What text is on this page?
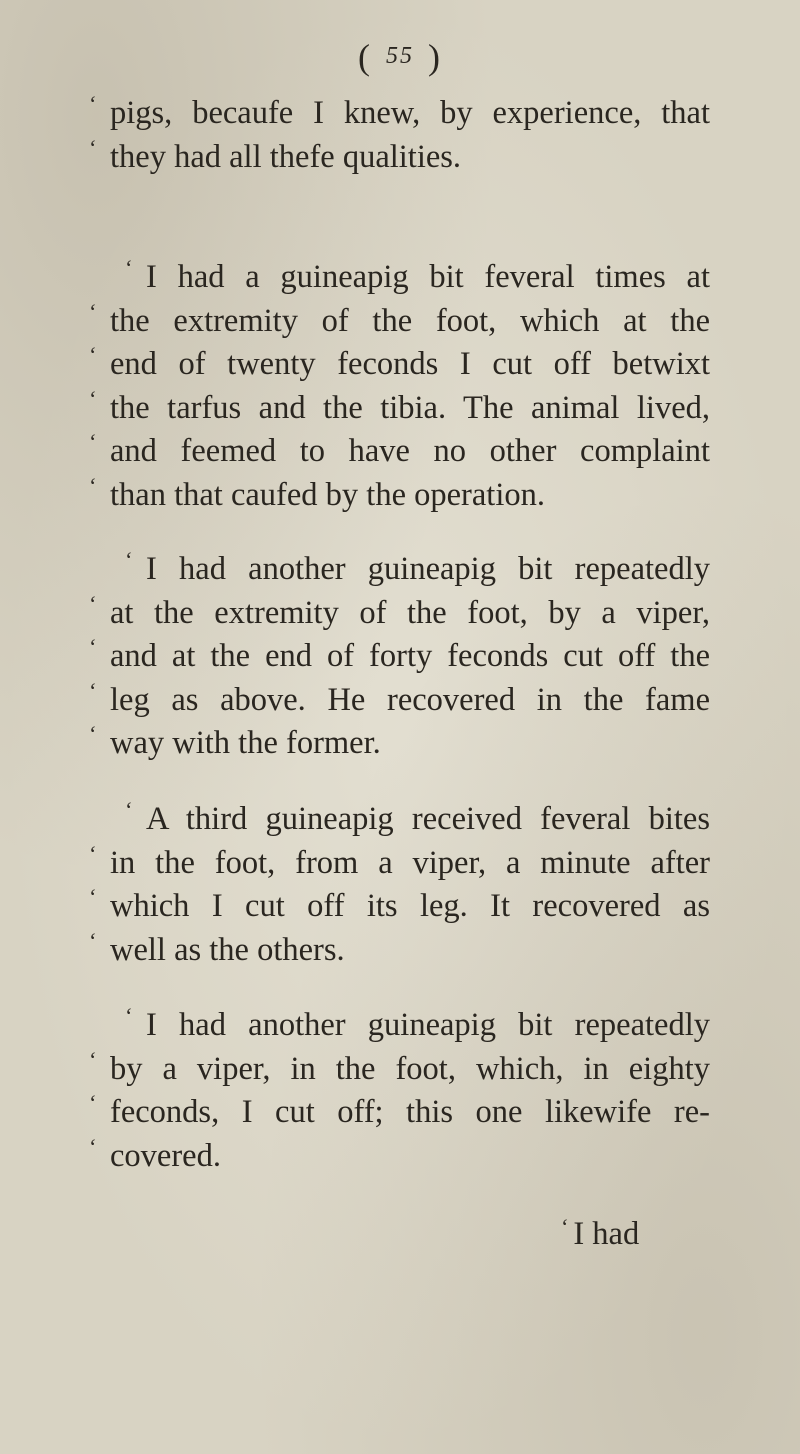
( 55 )
‘ pigs, becaufe I knew, by experience, that
‘ they had all thefe qualities.
‘ I had a guineapig bit feveral times at
‘ the extremity of the foot, which at the
‘ end of twenty feconds I cut off betwixt
‘ the tarfus and the tibia. The animal lived,
‘ and feemed to have no other complaint
‘ than that caufed by the operation.
‘ I had another guineapig bit repeatedly
‘ at the extremity of the foot, by a viper,
‘ and at the end of forty feconds cut off the
‘ leg as above. He recovered in the fame
‘ way with the former.
‘ A third guineapig received feveral bites
‘ in the foot, from a viper, a minute after
‘ which I cut off its leg. It recovered as
‘ well as the others.
‘ I had another guineapig bit repeatedly
‘ by a viper, in the foot, which, in eighty
‘ feconds, I cut off; this one likewife re-
‘ covered.
‘ I had
